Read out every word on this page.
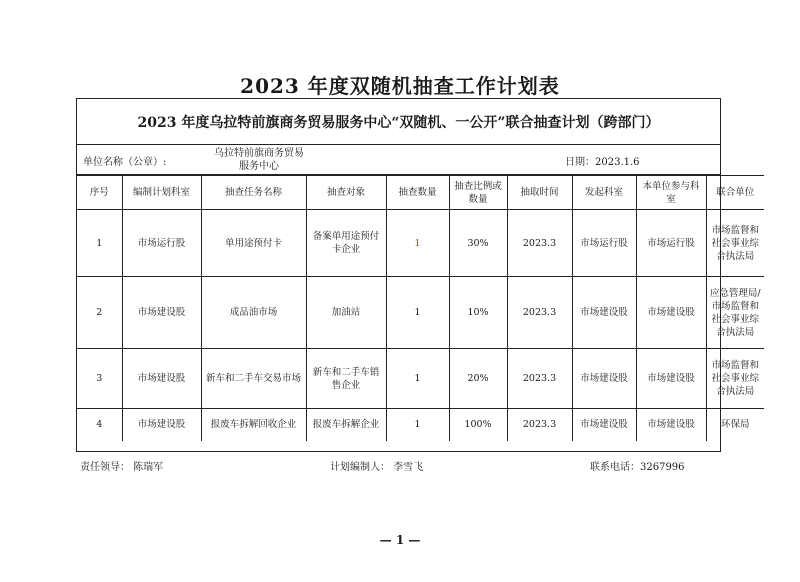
2023 年度双随机抽查工作计划表
2023 年度乌拉特前旗商务贸易服务中心“双随机、一公开”联合抽查计划（跨部门）
单位名称（公章）:
乌拉特前旗商务贸易
服务中心	日期：2023.1.6
序号	编制计划科室	抽查任务名称	抽查对象	抽查数量	抽查比例或数量	抽取时间	发起科室	本单位参与科室	联合单位
1	市场运行股	单用途预付卡	备案单用途预付卡企业	1	30%	2023.3	市场运行股	市场运行股	市场监督和社会事业综合执法局
2	市场建设股	成品油市场	加油站	1	10%	2023.3	市场建设股	市场建设股	应急管理局/市场监督和社会事业综合执法局
3	市场建设股	新车和二手车交易市场	新车和二手车销售企业	1	20%	2023.3	市场建设股	市场建设股	市场监督和社会事业综合执法局
4	市场建设股	报废车拆解回收企业	报废车拆解企业	1	100%	2023.3	市场建设股	市场建设股	环保局
责任领导： 陈瑞军	计划编制人： 李雪飞	联系电话：3267996
— 1 —
